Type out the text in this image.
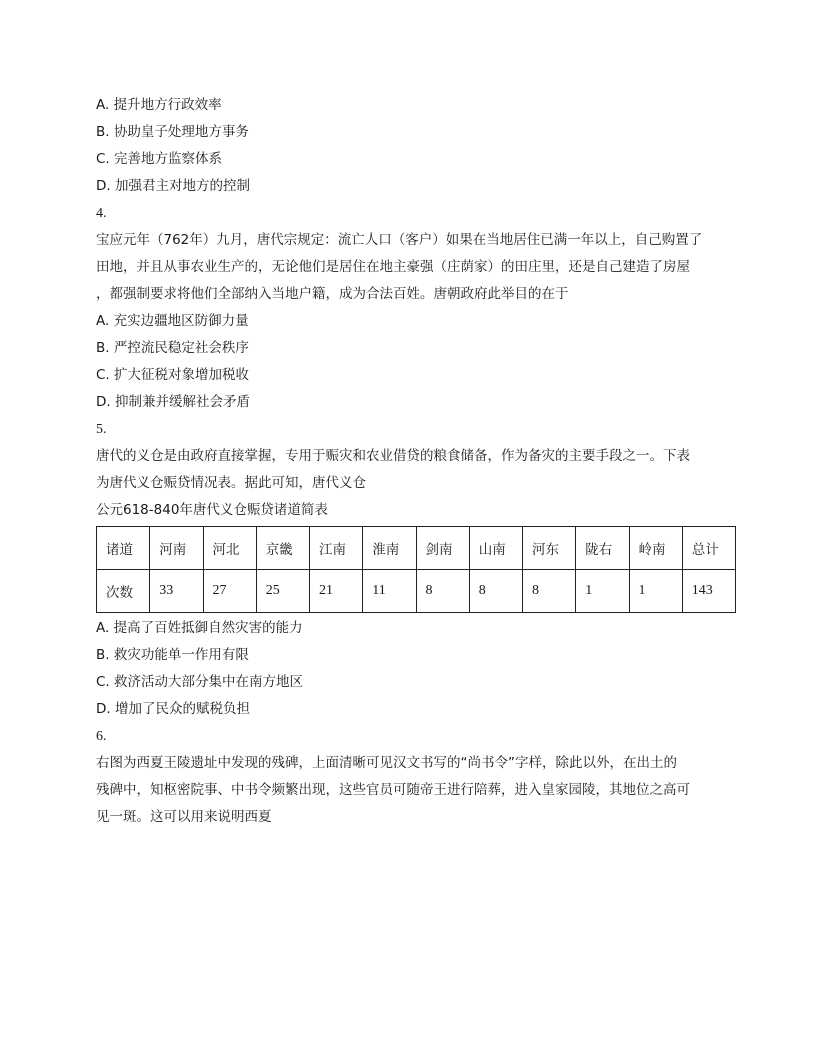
A. 提升地方行政效率
B. 协助皇子处理地方事务
C. 完善地方监察体系
D. 加强君主对地方的控制
4.
宝应元年（762年）九月，唐代宗规定：流亡人口（客户）如果在当地居住已满一年以上，自己购置了
田地，并且从事农业生产的，无论他们是居住在地主豪强（庄荫家）的田庄里，还是自己建造了房屋
，都强制要求将他们全部纳入当地户籍，成为合法百姓。唐朝政府此举目的在于
A. 充实边疆地区防御力量
B. 严控流民稳定社会秩序
C. 扩大征税对象增加税收
D. 抑制兼并缓解社会矛盾
5.
唐代的义仓是由政府直接掌握，专用于赈灾和农业借贷的粮食储备，作为备灾的主要手段之一。下表
为唐代义仓赈贷情况表。据此可知，唐代义仓
公元618-840年唐代义仓赈贷诸道简表
诸道	河南	河北	京畿	江南	淮南	剑南	山南	河东	陇右	岭南	总计
次数	33	27	25	21	11	8	8	8	1	1	143
A. 提高了百姓抵御自然灾害的能力
B. 救灾功能单一作用有限
C. 救济活动大部分集中在南方地区
D. 增加了民众的赋税负担
6.
右图为西夏王陵遗址中发现的残碑，上面清晰可见汉文书写的“尚书令”字样，除此以外，在出土的
残碑中，知枢密院事、中书令频繁出现，这些官员可随帝王进行陪葬，进入皇家园陵，其地位之高可
见一斑。这可以用来说明西夏
